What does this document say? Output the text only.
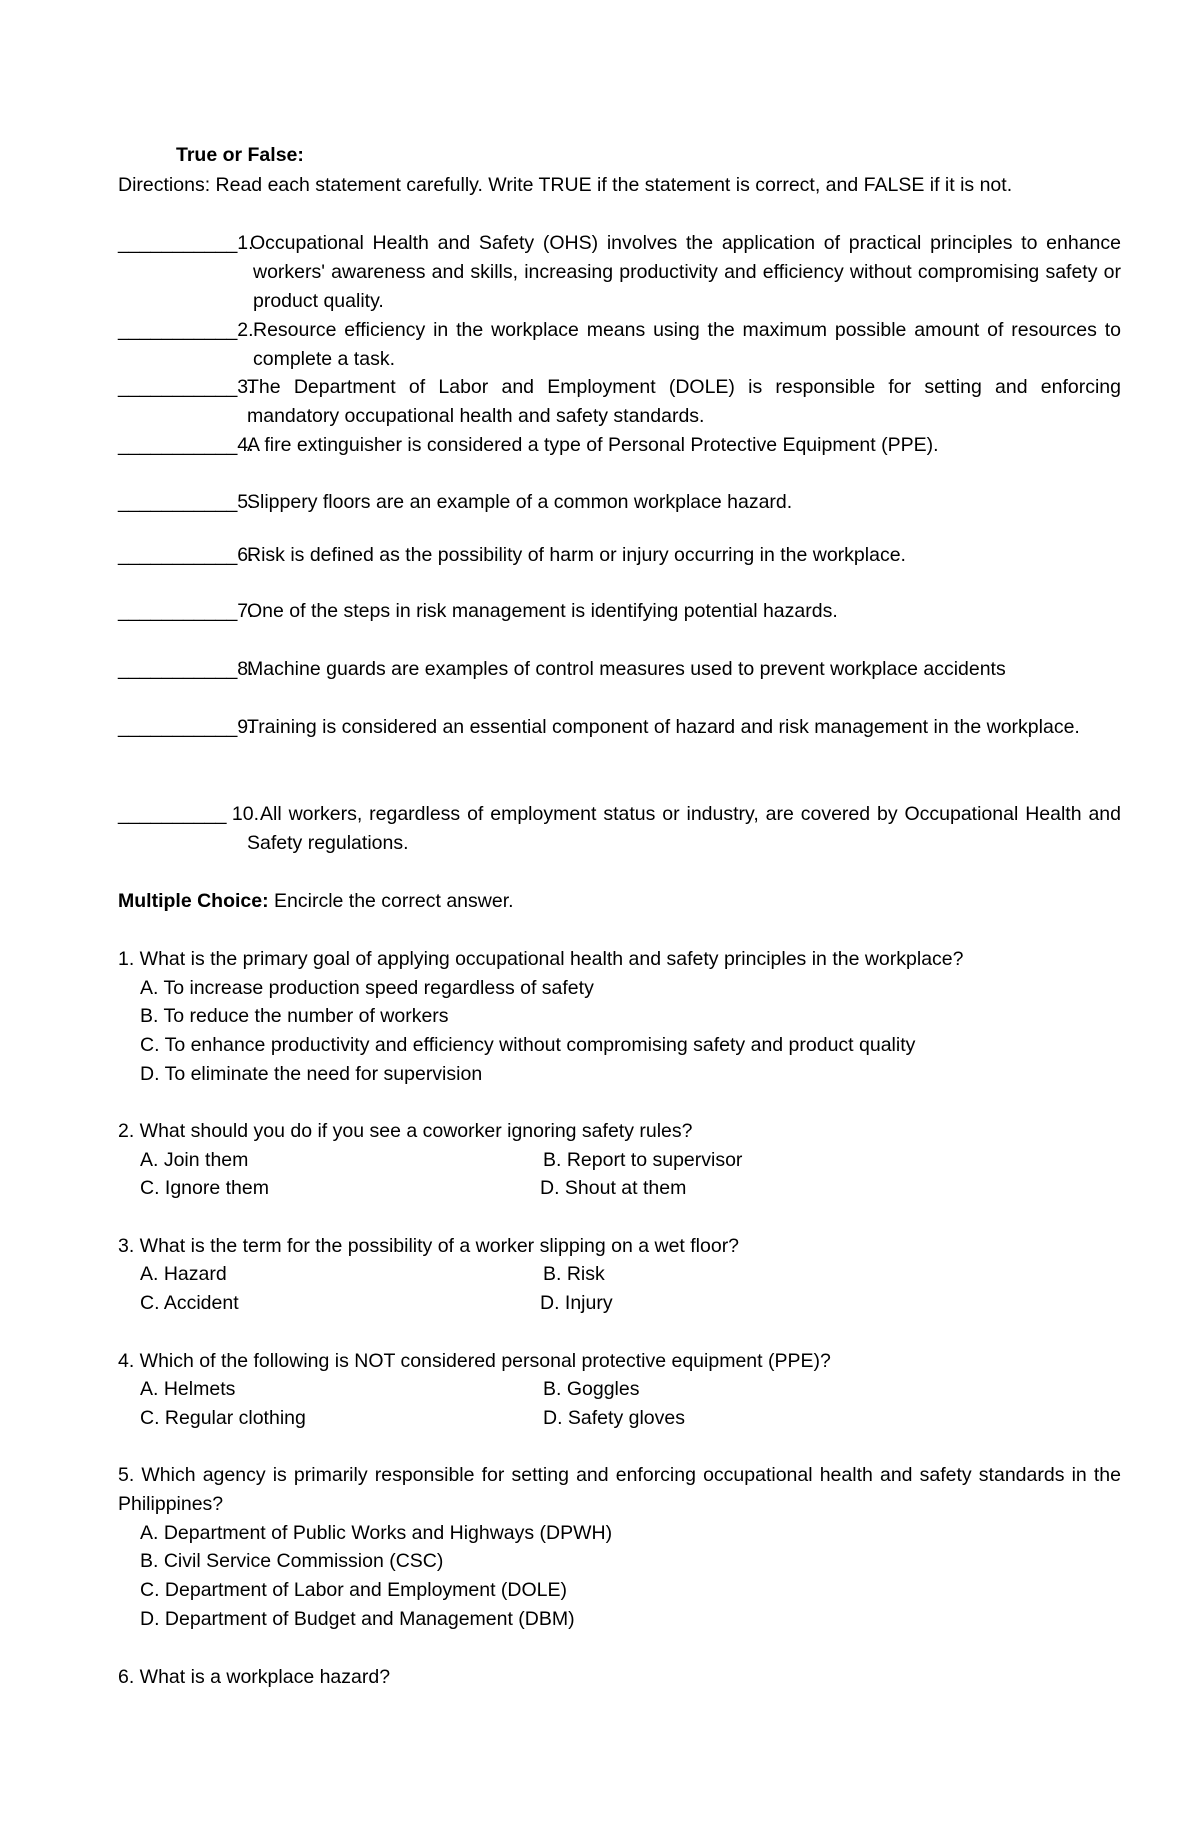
True or False:
Directions: Read each statement carefully. Write TRUE if the statement is correct, and FALSE if it is not.
___________1.
Occupational Health and Safety (OHS) involves the application of practical principles to enhance workers' awareness and skills, increasing productivity and efficiency without compromising safety or product quality.
___________2. Resource efficiency in the workplace means using the maximum possible amount of resources to complete a task.
___________3.
The Department of Labor and Employment (DOLE) is responsible for setting and enforcing mandatory occupational health and safety standards.
___________4.
A fire extinguisher is considered a type of Personal Protective Equipment (PPE).
___________5.
Slippery floors are an example of a common workplace hazard.
___________6.
Risk is defined as the possibility of harm or injury occurring in the workplace.
___________7.
One of the steps in risk management is identifying potential hazards.
___________8.
Machine guards are examples of control measures used to prevent workplace accidents
___________9.
Training is considered an essential component of hazard and risk management in the workplace.
__________ 10. All workers, regardless of employment status or industry, are covered by Occupational Health and Safety regulations.
Multiple Choice: Encircle the correct answer.
1. What is the primary goal of applying occupational health and safety principles in the workplace?
A. To increase production speed regardless of safety
B. To reduce the number of workers
C. To enhance productivity and efficiency without compromising safety and product quality
D. To eliminate the need for supervision
2. What should you do if you see a coworker ignoring safety rules?
A. Join them	B. Report to supervisor
C. Ignore them	D. Shout at them
3. What is the term for the possibility of a worker slipping on a wet floor?
A. Hazard	B. Risk
C. Accident	D. Injury
4. Which of the following is NOT considered personal protective equipment (PPE)?
A. Helmets	B. Goggles
C. Regular clothing	D. Safety gloves
5. Which agency is primarily responsible for setting and enforcing occupational health and safety standards in the Philippines?
A. Department of Public Works and Highways (DPWH)
B. Civil Service Commission (CSC)
C. Department of Labor and Employment (DOLE)
D. Department of Budget and Management (DBM)
6. What is a workplace hazard?
